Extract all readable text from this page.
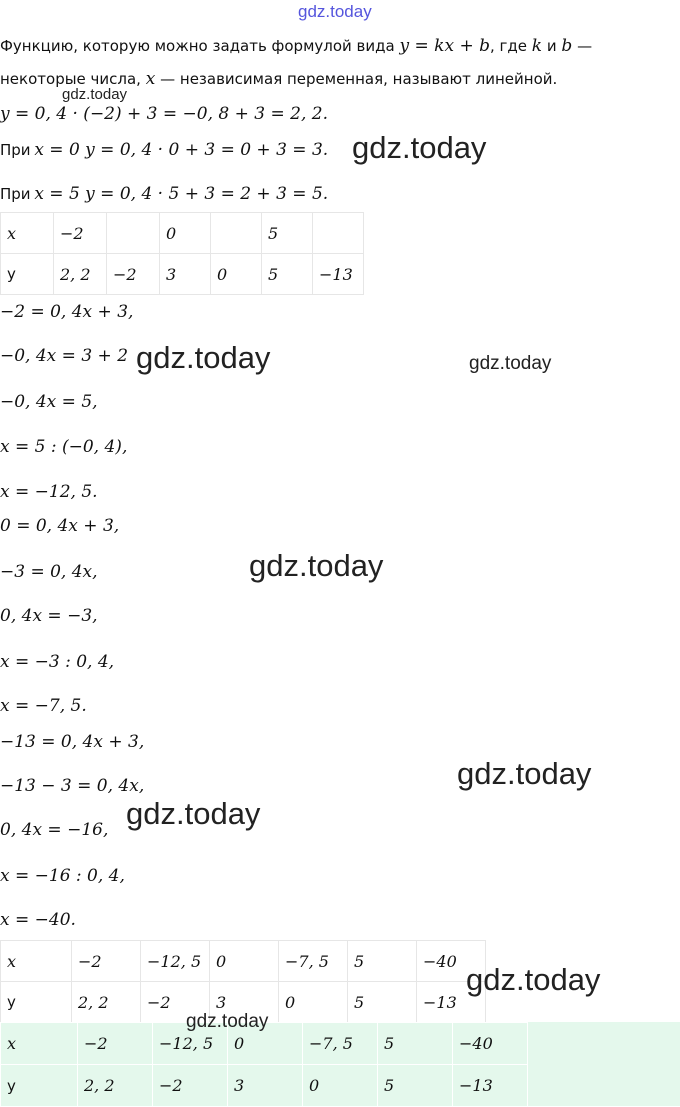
gdz.today
Функцию, которую можно задать формулой вида y = kx + b, где k и b —
некоторые числа, x — независимая переменная, называют линейной.
gdz.today
y = 0, 4 · (−2) + 3 = −0, 8 + 3 = 2, 2.
При x = 0 y = 0, 4 · 0 + 3 = 0 + 3 = 3. gdz.today
При x = 5 y = 0, 4 · 5 + 3 = 2 + 3 = 5.
x	−2		0		5	
y	2, 2	−2	3	0	5	−13
−2 = 0, 4x + 3,
−0, 4x = 3 + 2 gdz.today	gdz.today
−0, 4x = 5,
x = 5 : (−0, 4),
x = −12, 5.
0 = 0, 4x + 3,
−3 = 0, 4x,	gdz.today
0, 4x = −3,
x = −3 : 0, 4,
x = −7, 5.
−13 = 0, 4x + 3,
−13 − 3 = 0, 4x,	gdz.today
gdz.today
0, 4x = −16,
x = −16 : 0, 4,
x = −40.
x	−2	−12, 5	0	−7, 5	5	−40
y	2, 2	−2	3	0	5	−13
gdz.today
x	−2	−12, 5	0	−7, 5	5	−40
y	2, 2	−2	3	0	5	−13
gdz.today
